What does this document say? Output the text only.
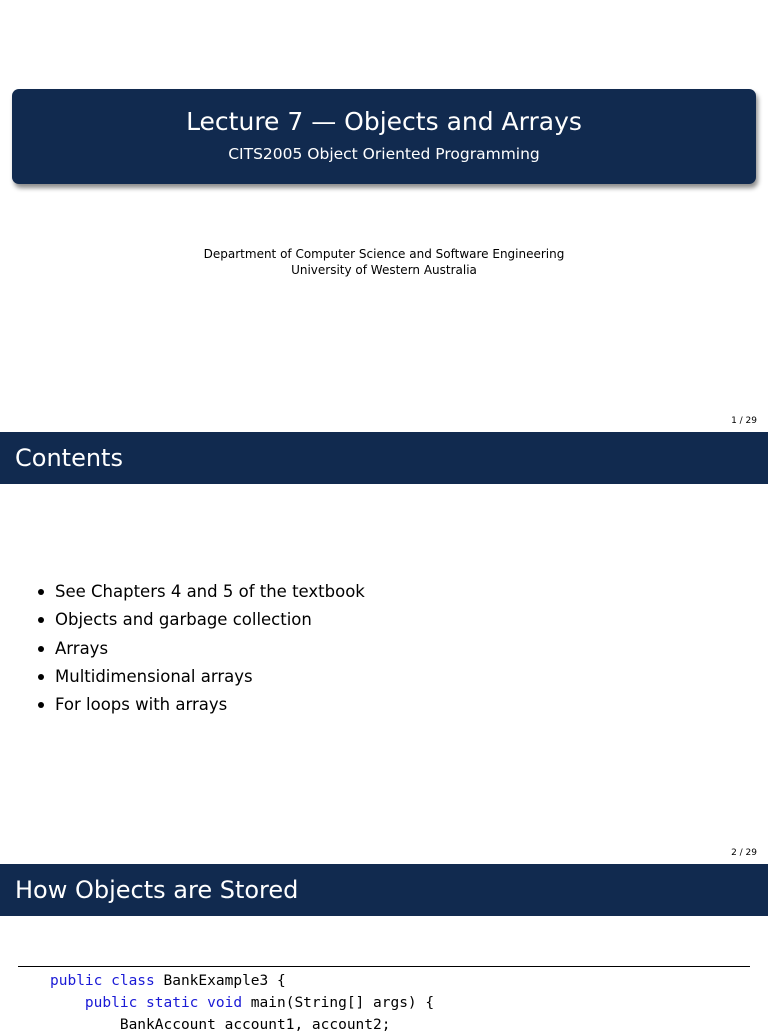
Lecture 7 — Objects and Arrays
CITS2005 Object Oriented Programming
Department of Computer Science and Software Engineering
University of Western Australia
1 / 29
Contents
See Chapters 4 and 5 of the textbook
Objects and garbage collection
Arrays
Multidimensional arrays
For loops with arrays
2 / 29
How Objects are Stored
public class BankExample3 {
public static void main(String[] args) {
BankAccount account1, account2;
